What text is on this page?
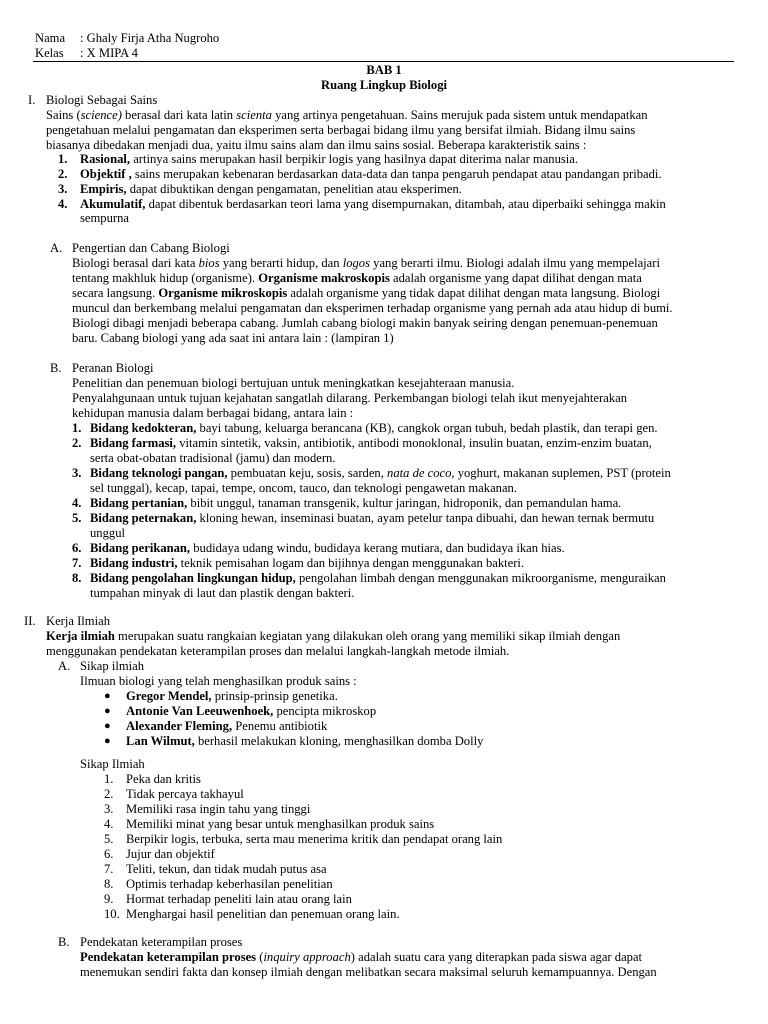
Nama : Ghaly Firja Atha Nugroho
Kelas : X MIPA 4
BAB 1
Ruang Lingkup Biologi
I. Biologi Sebagai Sains
Sains (science) berasal dari kata latin scienta yang artinya pengetahuan. Sains merujuk pada sistem untuk mendapatkan
pengetahuan melalui pengamatan dan eksperimen serta berbagai bidang ilmu yang bersifat ilmiah. Bidang ilmu sains
biasanya dibedakan menjadi dua, yaitu ilmu sains alam dan ilmu sains sosial. Beberapa karakteristik sains :
1. Rasional, artinya sains merupakan hasil berpikir logis yang hasilnya dapat diterima nalar manusia.
2. Objektif , sains merupakan kebenaran berdasarkan data-data dan tanpa pengaruh pendapat atau pandangan pribadi.
3. Empiris, dapat dibuktikan dengan pengamatan, penelitian atau eksperimen.
4. Akumulatif, dapat dibentuk berdasarkan teori lama yang disempurnakan, ditambah, atau diperbaiki sehingga makin
sempurna
A. Pengertian dan Cabang Biologi
Biologi berasal dari kata bios yang berarti hidup, dan logos yang berarti ilmu. Biologi adalah ilmu yang mempelajari
tentang makhluk hidup (organisme). Organisme makroskopis adalah organisme yang dapat dilihat dengan mata
secara langsung. Organisme mikroskopis adalah organisme yang tidak dapat dilihat dengan mata langsung. Biologi
muncul dan berkembang melalui pengamatan dan eksperimen terhadap organisme yang pernah ada atau hidup di bumi.
Biologi dibagi menjadi beberapa cabang. Jumlah cabang biologi makin banyak seiring dengan penemuan-penemuan
baru. Cabang biologi yang ada saat ini antara lain : (lampiran 1)
B. Peranan Biologi
Penelitian dan penemuan biologi bertujuan untuk meningkatkan kesejahteraan manusia.
Penyalahgunaan untuk tujuan kejahatan sangatlah dilarang. Perkembangan biologi telah ikut menyejahterakan
kehidupan manusia dalam berbagai bidang, antara lain :
1. Bidang kedokteran, bayi tabung, keluarga berancana (KB), cangkok organ tubuh, bedah plastik, dan terapi gen.
2. Bidang farmasi, vitamin sintetik, vaksin, antibiotik, antibodi monoklonal, insulin buatan, enzim-enzim buatan,
serta obat-obatan tradisional (jamu) dan modern.
3. Bidang teknologi pangan, pembuatan keju, sosis, sarden, nata de coco, yoghurt, makanan suplemen, PST (protein
sel tunggal), kecap, tapai, tempe, oncom, tauco, dan teknologi pengawetan makanan.
4. Bidang pertanian, bibit unggul, tanaman transgenik, kultur jaringan, hidroponik, dan pemandulan hama.
5. Bidang peternakan, kloning hewan, inseminasi buatan, ayam petelur tanpa dibuahi, dan hewan ternak bermutu
unggul
6. Bidang perikanan, budidaya udang windu, budidaya kerang mutiara, dan budidaya ikan hias.
7. Bidang industri, teknik pemisahan logam dan bijihnya dengan menggunakan bakteri.
8. Bidang pengolahan lingkungan hidup, pengolahan limbah dengan menggunakan mikroorganisme, menguraikan
tumpahan minyak di laut dan plastik dengan bakteri.
II. Kerja Ilmiah
Kerja ilmiah merupakan suatu rangkaian kegiatan yang dilakukan oleh orang yang memiliki sikap ilmiah dengan
menggunakan pendekatan keterampilan proses dan melalui langkah-langkah metode ilmiah.
A. Sikap ilmiah
Ilmuan biologi yang telah menghasilkan produk sains :
● Gregor Mendel, prinsip-prinsip genetika.
● Antonie Van Leeuwenhoek, pencipta mikroskop
● Alexander Fleming, Penemu antibiotik
● Lan Wilmut, berhasil melakukan kloning, menghasilkan domba Dolly
Sikap Ilmiah
1. Peka dan kritis
2. Tidak percaya takhayul
3. Memiliki rasa ingin tahu yang tinggi
4. Memiliki minat yang besar untuk menghasilkan produk sains
5. Berpikir logis, terbuka, serta mau menerima kritik dan pendapat orang lain
6. Jujur dan objektif
7. Teliti, tekun, dan tidak mudah putus asa
8. Optimis terhadap keberhasilan penelitian
9. Hormat terhadap peneliti lain atau orang lain
10. Menghargai hasil penelitian dan penemuan orang lain.
B. Pendekatan keterampilan proses
Pendekatan keterampilan proses (inquiry approach) adalah suatu cara yang diterapkan pada siswa agar dapat
menemukan sendiri fakta dan konsep ilmiah dengan melibatkan secara maksimal seluruh kemampuannya. Dengan
